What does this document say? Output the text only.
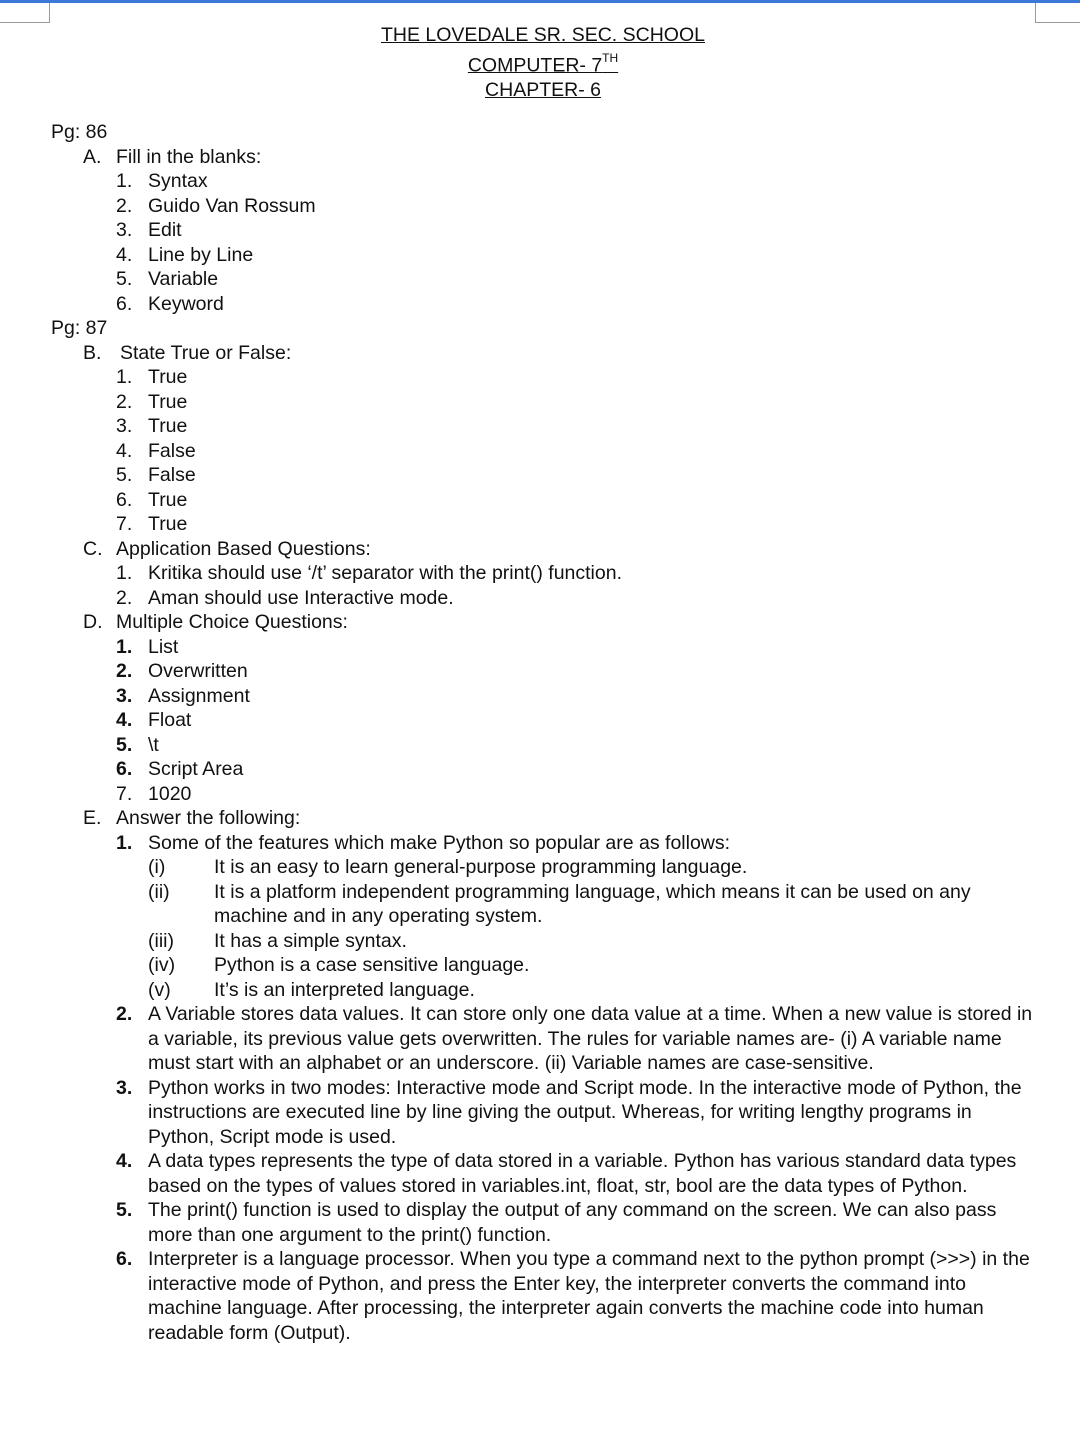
THE LOVEDALE SR. SEC. SCHOOL
COMPUTER- 7TH
CHAPTER- 6
Pg: 86
A. Fill in the blanks:
1. Syntax
2. Guido Van Rossum
3. Edit
4. Line by Line
5. Variable
6. Keyword
Pg: 87
B. State True or False:
1. True
2. True
3. True
4. False
5. False
6. True
7. True
C. Application Based Questions:
1. Kritika should use ‘/t’ separator with the print() function.
2. Aman should use Interactive mode.
D. Multiple Choice Questions:
1. List
2. Overwritten
3. Assignment
4. Float
5. \t
6. Script Area
7. 1020
E. Answer the following:
1. Some of the features which make Python so popular are as follows:
(i) It is an easy to learn general-purpose programming language.
(ii) It is a platform independent programming language, which means it can be used on any
machine and in any operating system.
(iii) It has a simple syntax.
(iv) Python is a case sensitive language.
(v) It’s is an interpreted language.
2. A Variable stores data values. It can store only one data value at a time. When a new value is stored in a variable, its previous value gets overwritten. The rules for variable names are- (i) A variable name must start with an alphabet or an underscore. (ii) Variable names are case-sensitive.
3. Python works in two modes: Interactive mode and Script mode. In the interactive mode of Python, the instructions are executed line by line giving the output. Whereas, for writing lengthy programs in Python, Script mode is used.
4. A data types represents the type of data stored in a variable. Python has various standard data types based on the types of values stored in variables.int, float, str, bool are the data types of Python.
5. The print() function is used to display the output of any command on the screen. We can also pass more than one argument to the print() function.
6. Interpreter is a language processor. When you type a command next to the python prompt (>>>) in the interactive mode of Python, and press the Enter key, the interpreter converts the command into machine language. After processing, the interpreter again converts the machine code into human readable form (Output).
